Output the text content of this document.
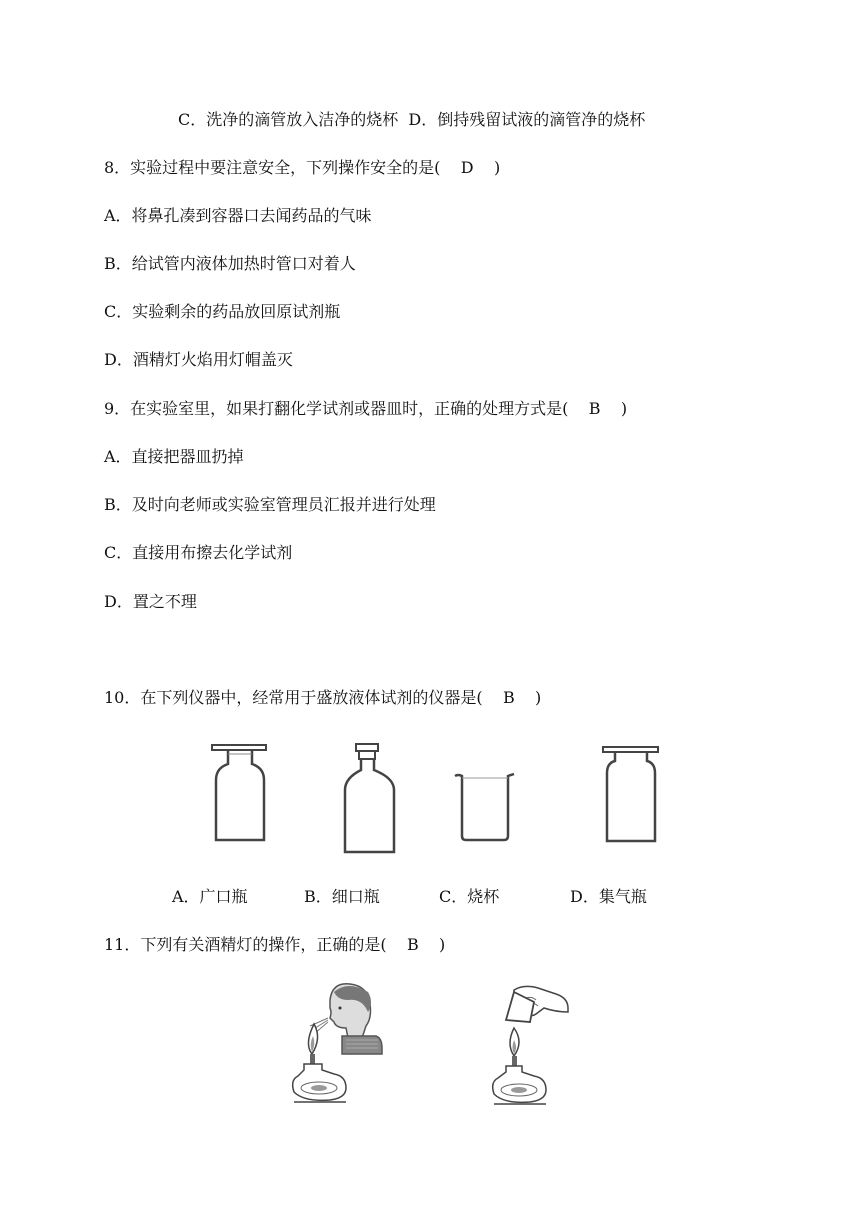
C．洗净的滴管放入洁净的烧杯  D．倒持残留试液的滴管净的烧杯
8．实验过程中要注意安全，下列操作安全的是(    D    )
A．将鼻孔凑到容器口去闻药品的气味
B．给试管内液体加热时管口对着人
C．实验剩余的药品放回原试剂瓶
D．酒精灯火焰用灯帽盖灭
9．在实验室里，如果打翻化学试剂或器皿时，正确的处理方式是(    B    )
A．直接把器皿扔掉
B．及时向老师或实验室管理员汇报并进行处理
C．直接用布擦去化学试剂
D．置之不理
10．在下列仪器中，经常用于盛放液体试剂的仪器是(    B    )
A．广口瓶	B．细口瓶	C．烧杯	D．集气瓶
11．下列有关酒精灯的操作，正确的是(    B    )
